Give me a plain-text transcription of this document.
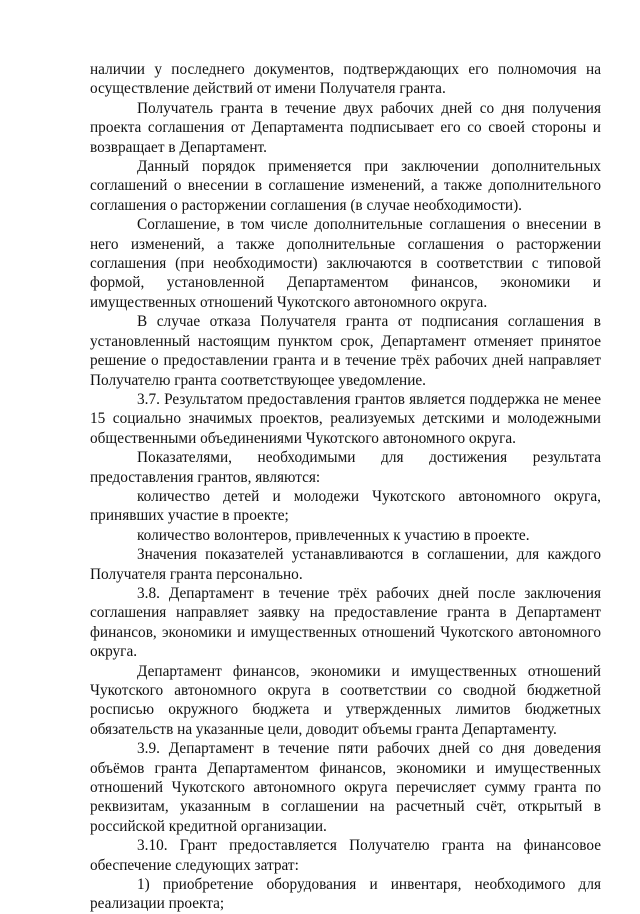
наличии у последнего документов, подтверждающих его полномочия на осуществление действий от имени Получателя гранта.

Получатель гранта в течение двух рабочих дней со дня получения проекта соглашения от Департамента подписывает его со своей стороны и возвращает в Департамент.

Данный порядок применяется при заключении дополнительных соглашений о внесении в соглашение изменений, а также дополнительного соглашения о расторжении соглашения (в случае необходимости).

Соглашение, в том числе дополнительные соглашения о внесении в него изменений, а также дополнительные соглашения о расторжении соглашения (при необходимости) заключаются в соответствии с типовой формой, установленной Департаментом финансов, экономики и имущественных отношений Чукотского автономного округа.

В случае отказа Получателя гранта от подписания соглашения в установленный настоящим пунктом срок, Департамент отменяет принятое решение о предоставлении гранта и в течение трёх рабочих дней направляет Получателю гранта соответствующее уведомление.

3.7. Результатом предоставления грантов является поддержка не менее 15 социально значимых проектов, реализуемых детскими и молодежными общественными объединениями Чукотского автономного округа.

Показателями, необходимыми для достижения результата предоставления грантов, являются:

количество детей и молодежи Чукотского автономного округа, принявших участие в проекте;

количество волонтеров, привлеченных к участию в проекте.

Значения показателей устанавливаются в соглашении, для каждого Получателя гранта персонально.

3.8. Департамент в течение трёх рабочих дней после заключения соглашения направляет заявку на предоставление гранта в Департамент финансов, экономики и имущественных отношений Чукотского автономного округа.

Департамент финансов, экономики и имущественных отношений Чукотского автономного округа в соответствии со сводной бюджетной росписью окружного бюджета и утвержденных лимитов бюджетных обязательств на указанные цели, доводит объемы гранта Департаменту.

3.9. Департамент в течение пяти рабочих дней со дня доведения объёмов гранта Департаментом финансов, экономики и имущественных отношений Чукотского автономного округа перечисляет сумму гранта по реквизитам, указанным в соглашении на расчетный счёт, открытый в российской кредитной организации.

3.10. Грант предоставляется Получателю гранта на финансовое обеспечение следующих затрат:

1) приобретение оборудования и инвентаря, необходимого для реализации проекта;
